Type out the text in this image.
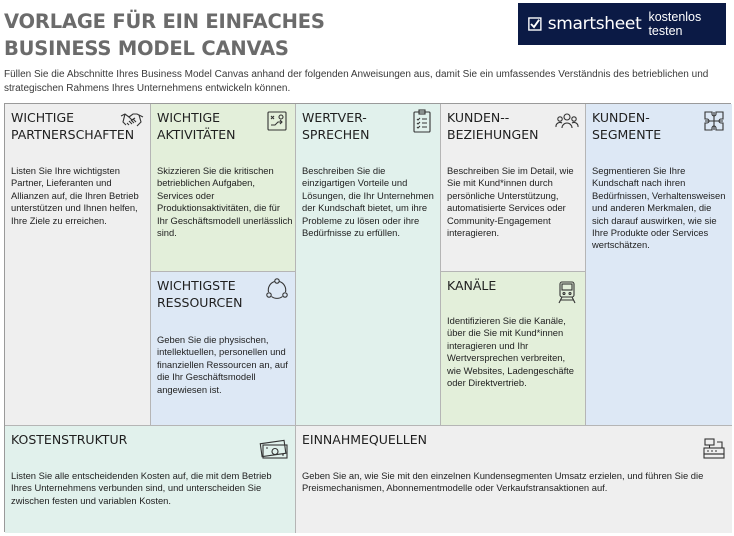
VORLAGE FÜR EIN EINFACHES BUSINESS MODEL CANVAS
smartsheet kostenlos testen
Füllen Sie die Abschnitte Ihres Business Model Canvas anhand der folgenden Anweisungen aus, damit Sie ein umfassendes Verständnis des betrieblichen und strategischen Rahmens Ihres Unternehmens entwickeln können.
WICHTIGE
PARTNERSCHAFTEN
Listen Sie Ihre wichtigsten Partner, Lieferanten und Allianzen auf, die Ihren Betrieb unterstützen und Ihnen helfen, Ihre Ziele zu erreichen.
WICHTIGE
AKTIVITÄTEN
Skizzieren Sie die kritischen betrieblichen Aufgaben, Services oder Produktionsaktivitäten, die für Ihr Geschäftsmodell unerlässlich sind.
WICHTIGSTE
RESSOURCEN
Geben Sie die physischen, intellektuellen, personellen und finanziellen Ressourcen an, auf die Ihr Geschäftsmodell angewiesen ist.
WERTVER-
SPRECHEN
Beschreiben Sie die einzigartigen Vorteile und Lösungen, die Ihr Unternehmen der Kundschaft bietet, um ihre Probleme zu lösen oder ihre Bedürfnisse zu erfüllen.
KUNDEN--
BEZIEHUNGEN
Beschreiben Sie im Detail, wie Sie mit Kund*innen durch persönliche Unterstützung, automatisierte Services oder Community-Engagement interagieren.
KANÄLE
Identifizieren Sie die Kanäle, über die Sie mit Kund*innen interagieren und Ihr Wertversprechen verbreiten, wie Websites, Ladengeschäfte oder Direktvertrieb.
KUNDEN-
SEGMENTE
Segmentieren Sie Ihre Kundschaft nach ihren Bedürfnissen, Verhaltensweisen und anderen Merkmalen, die sich darauf auswirken, wie sie Ihre Produkte oder Services wertschätzen.
KOSTENSTRUKTUR
Listen Sie alle entscheidenden Kosten auf, die mit dem Betrieb Ihres Unternehmens verbunden sind, und unterscheiden Sie zwischen festen und variablen Kosten.
EINNAHMEQUELLEN
Geben Sie an, wie Sie mit den einzelnen Kundensegmenten Umsatz erzielen, und führen Sie die Preismechanismen, Abonnementmodelle oder Verkaufstransaktionen auf.
